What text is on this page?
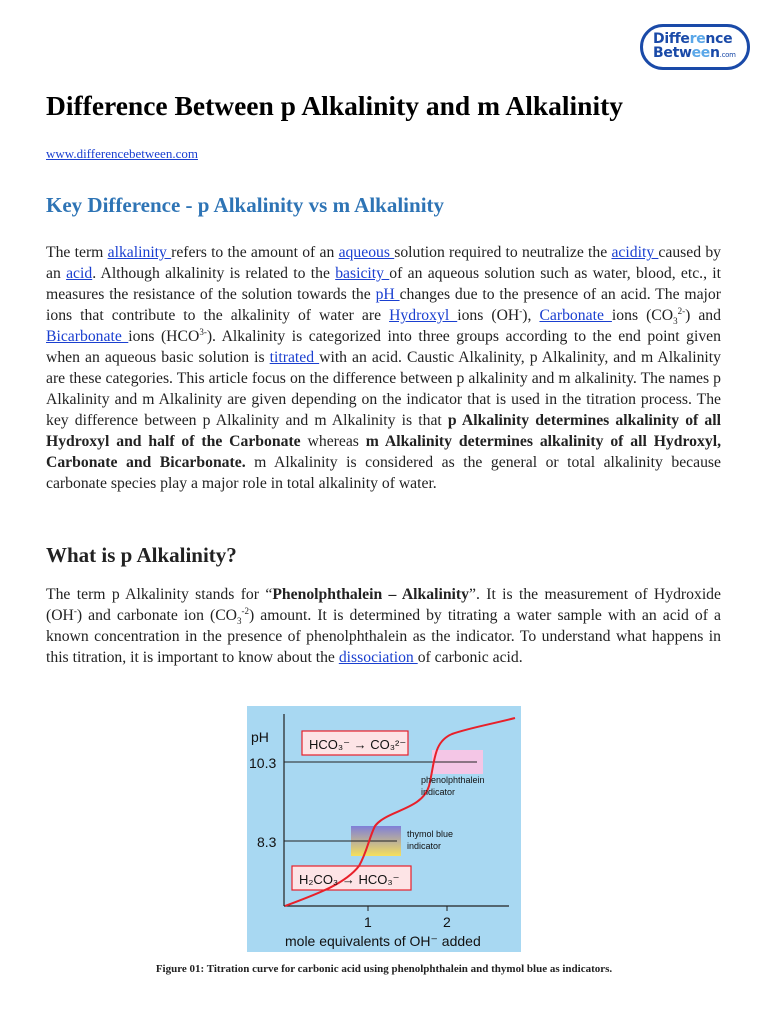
Difference
Between.com
Difference Between p Alkalinity and m Alkalinity
www.differencebetween.com
Key Difference - p Alkalinity vs m Alkalinity

The term alkalinity refers to the amount of an aqueous solution required to neutralize the acidity caused by an acid. Although alkalinity is related to the basicity of an aqueous solution such as water, blood, etc., it measures the resistance of the solution towards the pH changes due to the presence of an acid. The major ions that contribute to the alkalinity of water are Hydroxyl ions (OH-), Carbonate ions $(CO_3^{2-})$ and Bicarbonate ions $(HCO^{3-})$. Alkalinity is categorized into three groups according to the end point given when an aqueous basic solution is titrated with an acid. Caustic Alkalinity, p Alkalinity, and m Alkalinity are these categories. This article focus on the difference between p alkalinity and m alkalinity. The names p Alkalinity and m Alkalinity are given depending on the indicator that is used in the titration process. The key difference between p Alkalinity and m Alkalinity is that p Alkalinity determines alkalinity of all Hydroxyl and half of the Carbonate whereas m Alkalinity determines alkalinity of all Hydroxyl, Carbonate and Bicarbonate. m Alkalinity is considered as the general or total alkalinity because carbonate species play a major role in total alkalinity of water.

What is p Alkalinity?

The term p Alkalinity stands for “Phenolphthalein – Alkalinity”. It is the measurement of Hydroxide (OH-) and carbonate ion $(CO_3^{-2})$ amount. It is determined by titrating a water sample with an acid of a known concentration in the presence of phenolphthalein as the indicator. To understand what happens in this titration, it is important to know about the dissociation of carbonic acid.

pH
10.3
8.3
1	2
mole equivalents of OH⁻ added
HCO₃⁻ → CO₃²⁻
H₂CO₃ → HCO₃⁻
phenolphthalein
indicator
thymol blue
indicator
Figure 01: Titration curve for carbonic acid using phenolphthalein and thymol blue as indicators.
